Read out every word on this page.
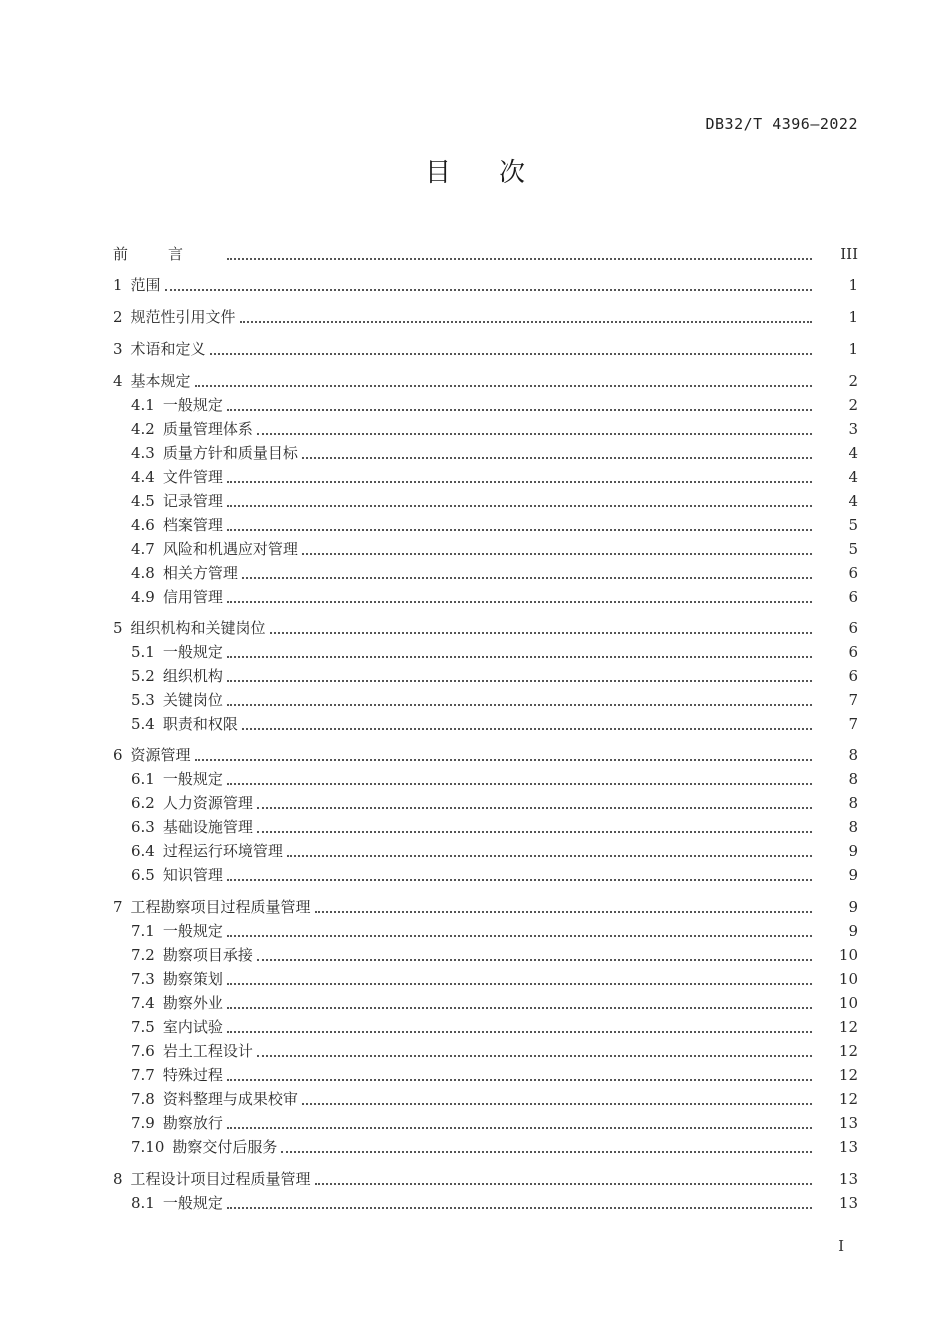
DB32/T 4396—2022
目次
前言	III
1 范围	1
2 规范性引用文件	1
3 术语和定义	1
4 基本规定	2
4.1 一般规定	2
4.2 质量管理体系	3
4.3 质量方针和质量目标	4
4.4 文件管理	4
4.5 记录管理	4
4.6 档案管理	5
4.7 风险和机遇应对管理	5
4.8 相关方管理	6
4.9 信用管理	6
5 组织机构和关键岗位	6
5.1 一般规定	6
5.2 组织机构	6
5.3 关键岗位	7
5.4 职责和权限	7
6 资源管理	8
6.1 一般规定	8
6.2 人力资源管理	8
6.3 基础设施管理	8
6.4 过程运行环境管理	9
6.5 知识管理	9
7 工程勘察项目过程质量管理	9
7.1 一般规定	9
7.2 勘察项目承接	10
7.3 勘察策划	10
7.4 勘察外业	10
7.5 室内试验	12
7.6 岩土工程设计	12
7.7 特殊过程	12
7.8 资料整理与成果校审	12
7.9 勘察放行	13
7.10 勘察交付后服务	13
8 工程设计项目过程质量管理	13
8.1 一般规定	13
I
